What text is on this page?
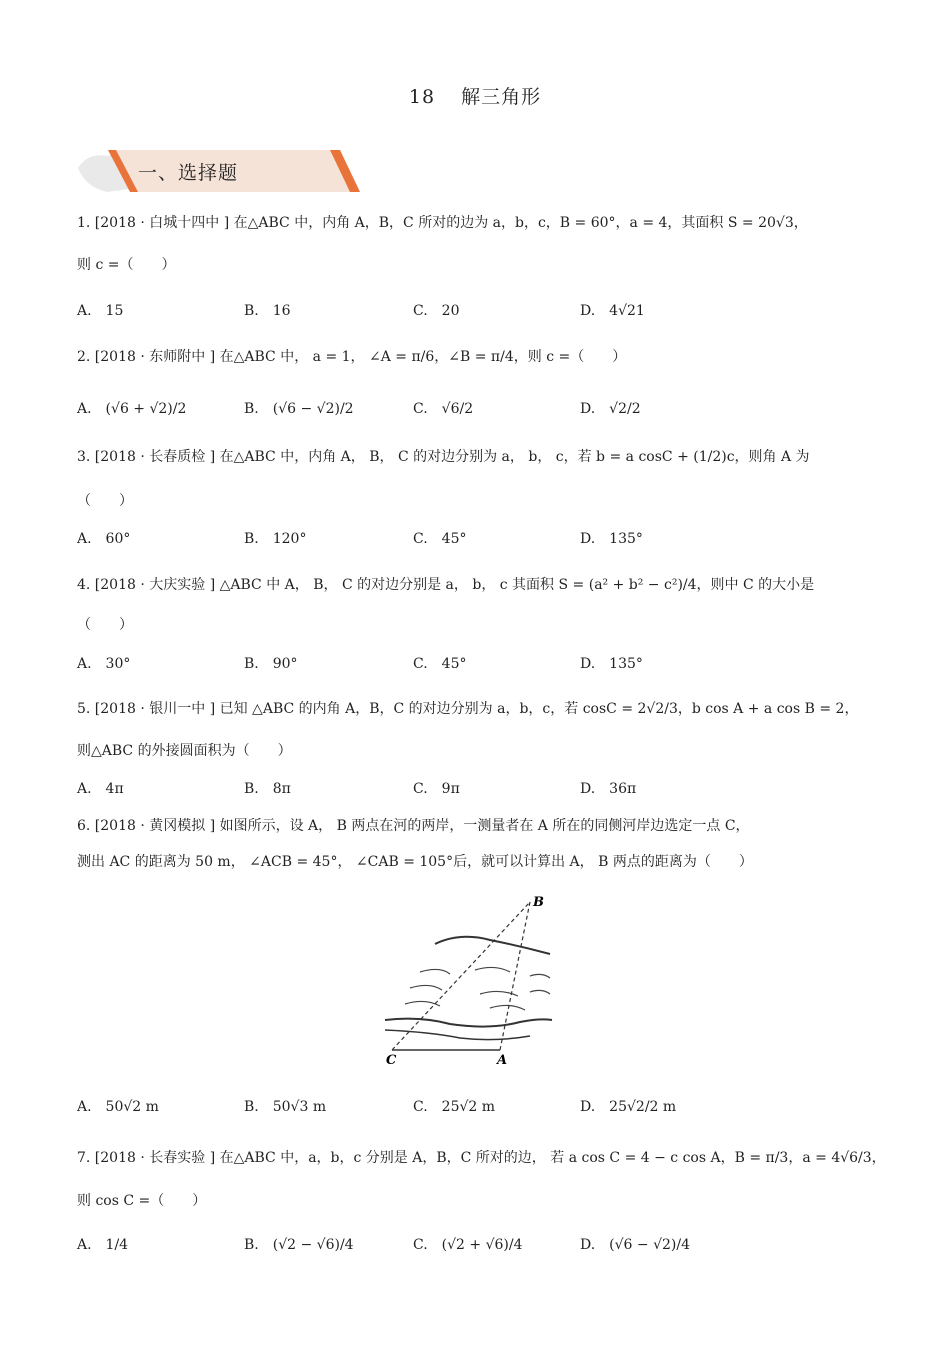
18 解三角形
一、选择题
1. [2018 · 白城十四中 ] 在△ABC 中，内角 A，B，C 所对的边为 a，b，c，B = 60°，a = 4，其面积 S = 20√3，
则 c =（　　）
A.　15	B.　16	C.　20	D.　4√21
2. [2018 · 东师附中 ] 在△ABC 中， a = 1， ∠A = π/6，∠B = π/4，则 c =（　　）
A.　(√6 + √2)/2	B.　(√6 − √2)/2	C.　√6/2	D.　√2/2
3. [2018 · 长春质检 ] 在△ABC 中，内角 A， B， C 的对边分别为 a， b， c，若 b = a cosC + (1/2)c，则角 A 为
（　　）
A.　60°	B.　120°	C.　45°	D.　135°
4. [2018 · 大庆实验 ] △ABC 中 A， B， C 的对边分别是 a， b， c 其面积 S = (a² + b² − c²)/4，则中 C 的大小是
（　　）
A.　30°	B.　90°	C.　45°	D.　135°
5. [2018 · 银川一中 ] 已知 △ABC 的内角 A，B，C 的对边分别为 a，b，c，若 cosC = 2√2/3，b cos A + a cos B = 2，
则△ABC 的外接圆面积为（　　）
A.　4π	B.　8π	C.　9π	D.　36π
6. [2018 · 黄冈模拟 ] 如图所示，设 A， B 两点在河的两岸，一测量者在 A 所在的同侧河岸边选定一点 C，
测出 AC 的距离为 50 m， ∠ACB = 45°， ∠CAB = 105°后，就可以计算出 A， B 两点的距离为（　　）
B
A
C
A.　50√2 m	B.　50√3 m	C.　25√2 m	D.　25√2/2 m
7. [2018 · 长春实验 ] 在△ABC 中，a，b，c 分别是 A，B，C 所对的边， 若 a cos C = 4 − c cos A，B = π/3，a = 4√6/3，
则 cos C =（　　）
A.　1/4	B.　(√2 − √6)/4	C.　(√2 + √6)/4	D.　(√6 − √2)/4
